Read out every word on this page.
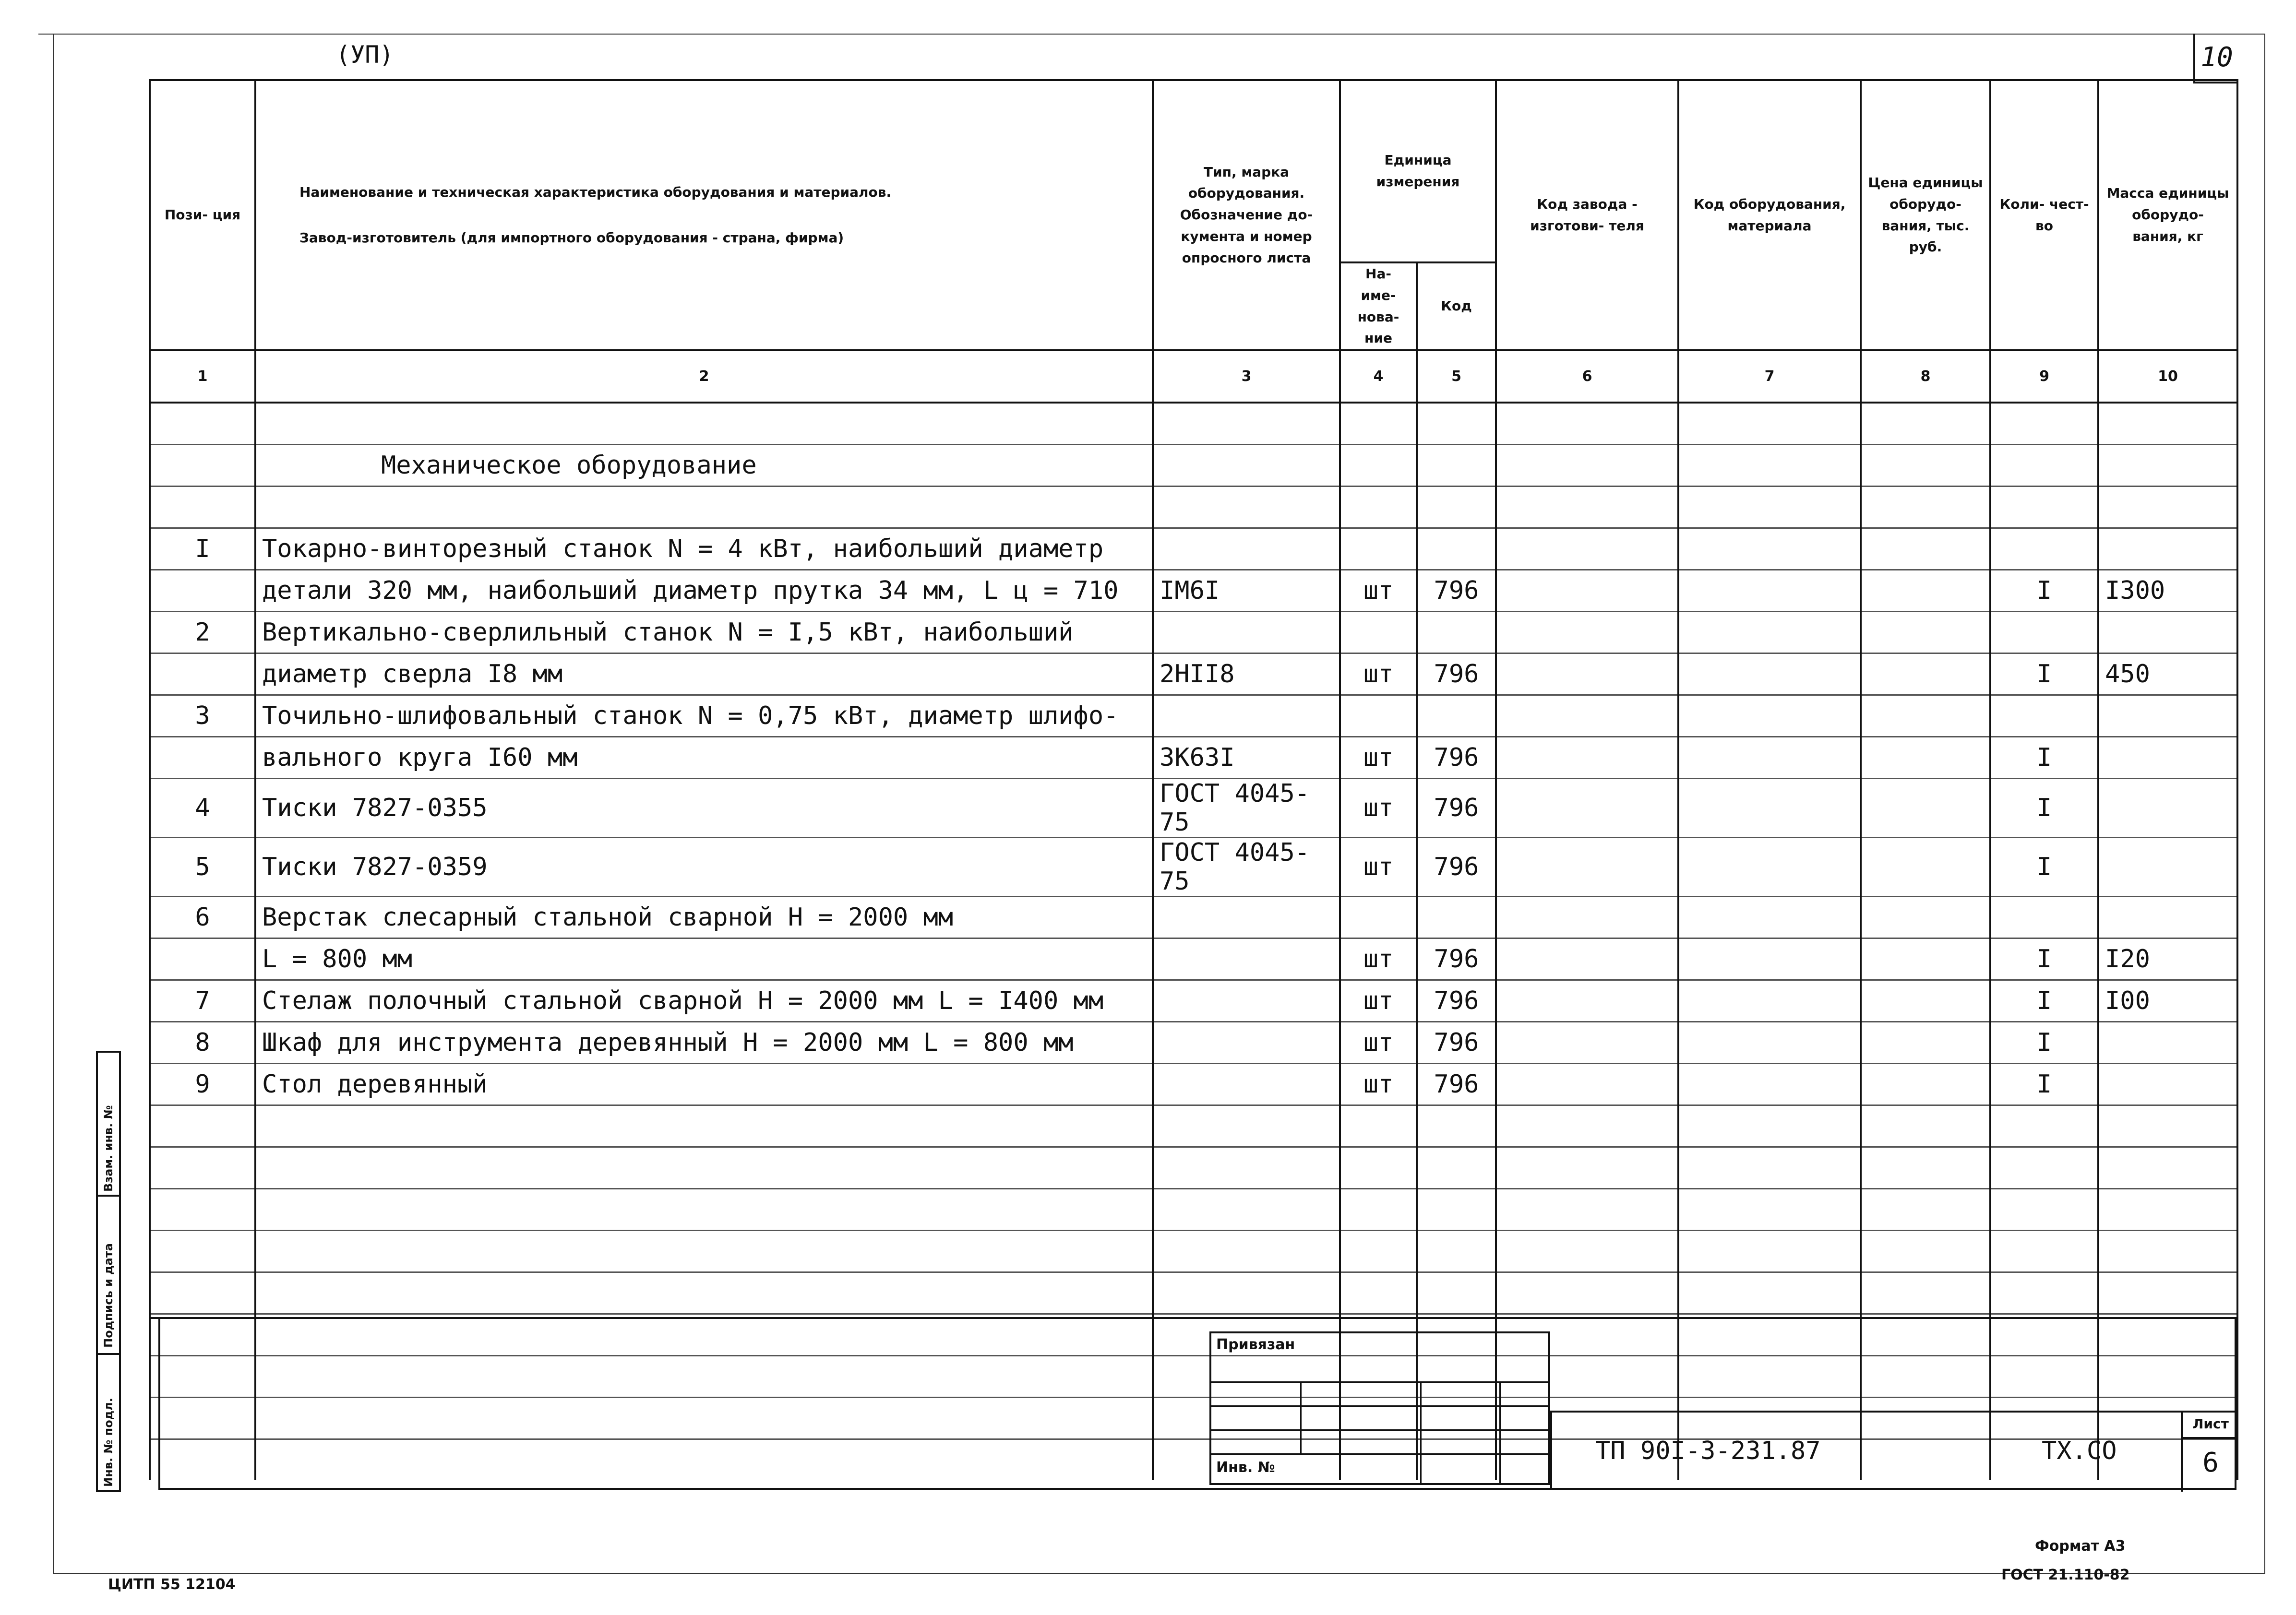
(УП)	10
Пози- ция	Наименование и техническая характеристика оборудования и материалов.
Завод-изготовитель (для импортного оборудования - страна, фирма)	Тип, марка оборудования. Обозначение до- кумента и номер опросного листа	Единица измерения		Код завода - изготови- теля	Код оборудования, материала	Цена единицы оборудо- вания, тыс. руб.	Коли- чест- во	Масса единицы оборудо- вания, кг
			На- име- нова- ние	Код					
1	2	3	4	5	6	7	8	9	10

	Механическое оборудование								

I	Токарно-винторезный станок N = 4 кВт, наибольший диаметр								
	детали 320 мм, наибольший диаметр прутка 34 мм, L ц = 710	IM6I	шт	796				I	I300
2	Вертикально-сверлильный станок N = I,5 кВт, наибольший								
	диаметр сверла I8 мм	2HII8	шт	796				I	450
3	Точильно-шлифовальный станок N = 0,75 кВт, диаметр шлифо-								
	вального круга I60 мм	3K63I	шт	796				I	
4	Тиски 7827-0355	ГОСТ 4045-75	шт	796				I	
5	Тиски 7827-0359	ГОСТ 4045-75	шт	796				I	
6	Верстак слесарный стальной сварной H = 2000 мм								
	L = 800 мм		шт	796				I	I20
7	Стелаж полочный стальной сварной H = 2000 мм L = I400 мм		шт	796				I	I00
8	Шкаф для инструмента деревянный H = 2000 мм L = 800 мм		шт	796				I	
9	Стол деревянный		шт	796				I	

Взам. инв. №
Подпись и дата
Инв. № подл.
Привязан
Инв. №
ТП 90I-3-231.87	ТХ.СО
Лист
6
ЦИТП 55 12104
Формат А3
ГОСТ 21.110-82
